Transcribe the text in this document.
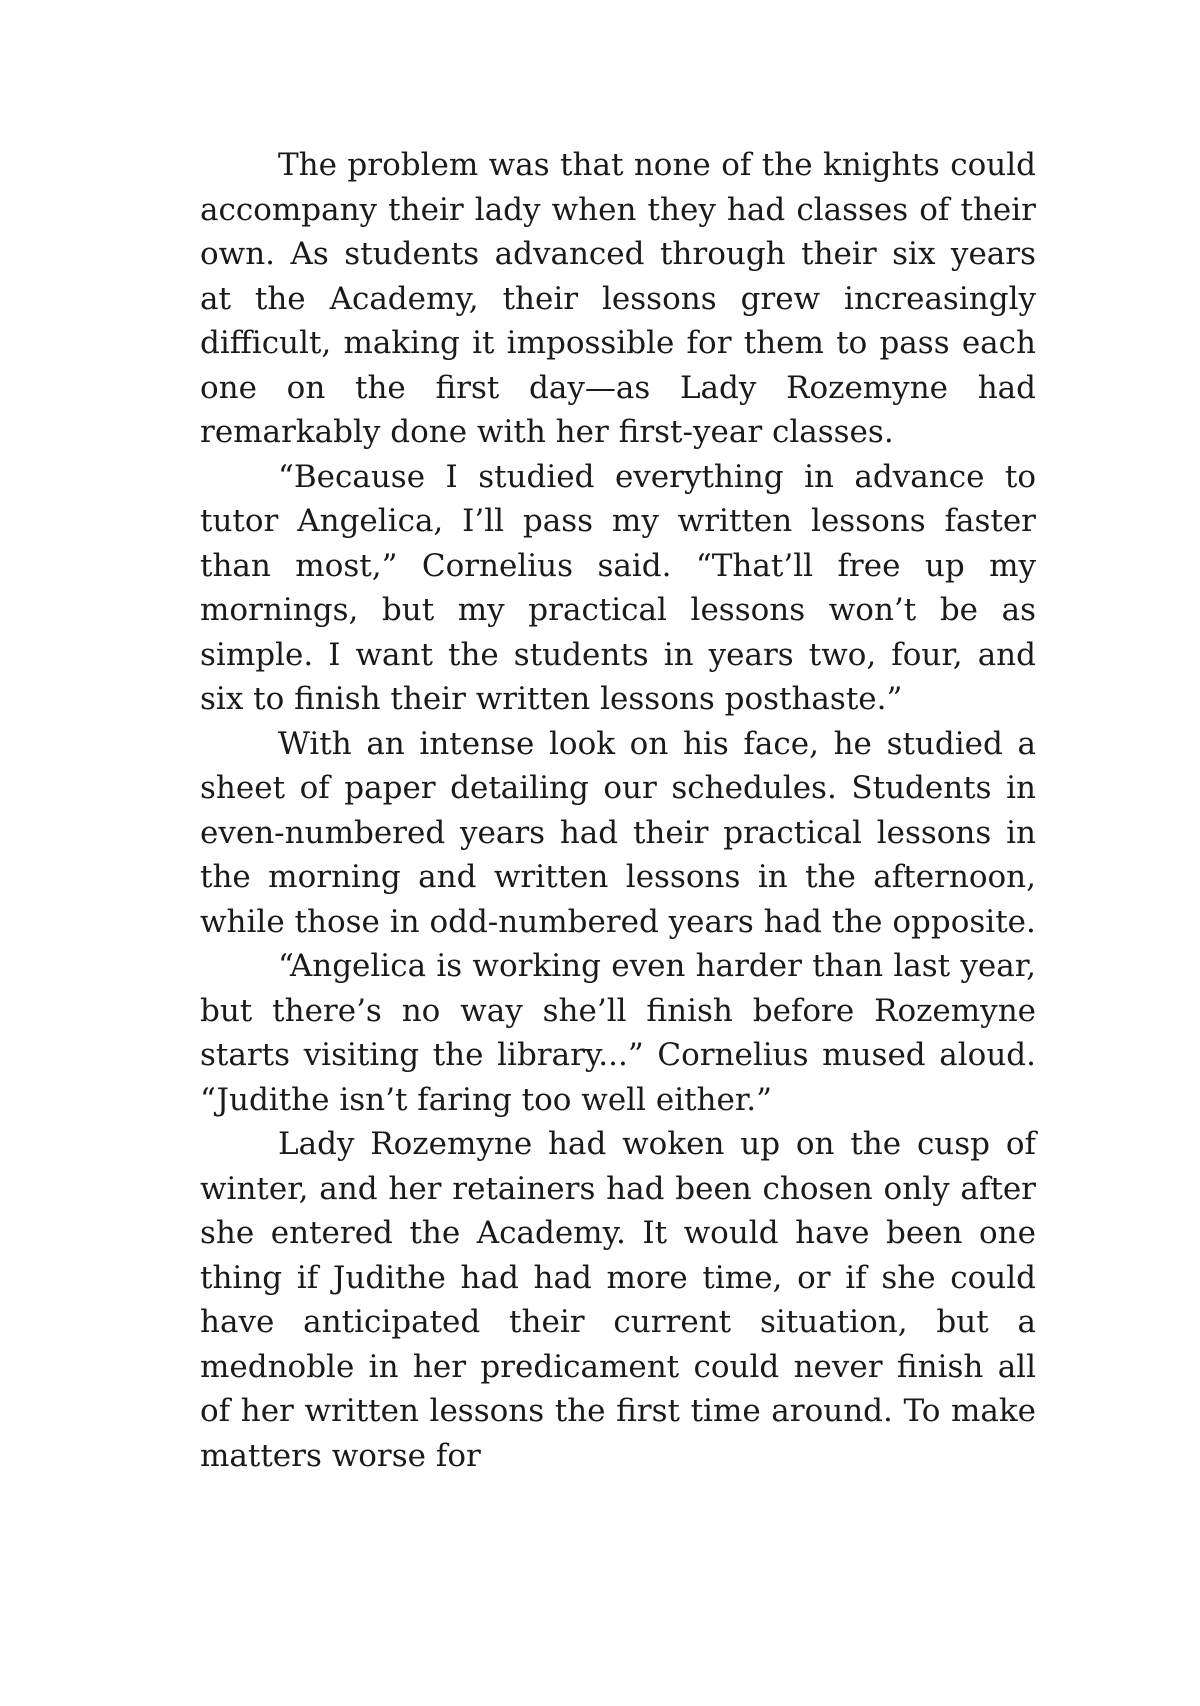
The problem was that none of the knights could accompany their lady when they had classes of their own. As students advanced through their six years at the Academy, their lessons grew increasingly difficult, making it impossible for them to pass each one on the first day—as Lady Rozemyne had remarkably done with her first-year classes.

“Because I studied everything in advance to tutor Angelica, I’ll pass my written lessons faster than most,” Cornelius said. “That’ll free up my mornings, but my practical lessons won’t be as simple. I want the students in years two, four, and six to finish their written lessons posthaste.”

With an intense look on his face, he studied a sheet of paper detailing our schedules. Students in even-numbered years had their practical lessons in the morning and written lessons in the afternoon, while those in odd-numbered years had the opposite.

“Angelica is working even harder than last year, but there’s no way she’ll finish before Rozemyne starts visiting the library...” Cornelius mused aloud. “Judithe isn’t faring too well either.”

Lady Rozemyne had woken up on the cusp of winter, and her retainers had been chosen only after she entered the Academy. It would have been one thing if Judithe had had more time, or if she could have anticipated their current situation, but a mednoble in her predicament could never finish all of her written lessons the first time around. To make matters worse for
